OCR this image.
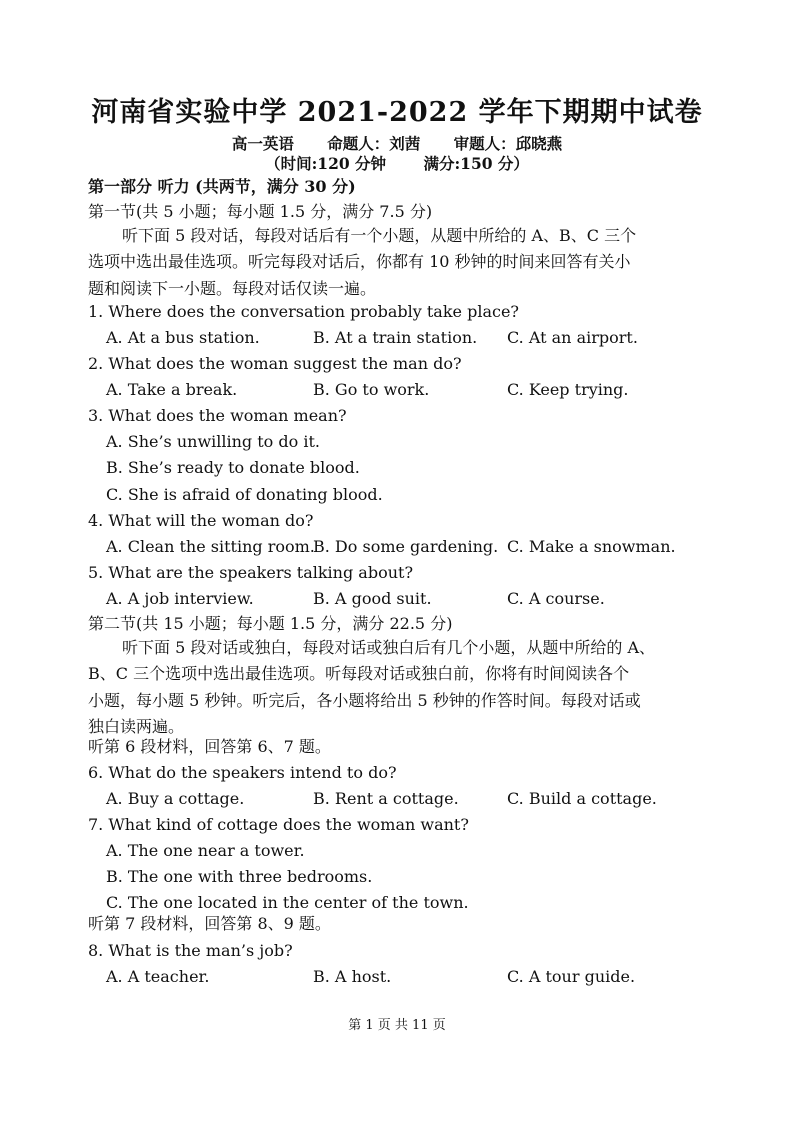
河南省实验中学 2021-2022 学年下期期中试卷
高一英语 命题人：刘茜 审题人：邱晓燕
（时间:120 分钟 满分:150 分）
第一部分 听力 (共两节，满分 30 分)
第一节(共 5 小题；每小题 1.5 分，满分 7.5 分)
听下面 5 段对话，每段对话后有一个小题，从题中所给的 A、B、C 三个
选项中选出最佳选项。听完每段对话后，你都有 10 秒钟的时间来回答有关小
题和阅读下一小题。每段对话仅读一遍。
1. Where does the conversation probably take place?
A. At a bus station.	B. At a train station. C. At an airport.
2. What does the woman suggest the man do?
A. Take a break.	B. Go to work.	C. Keep trying.
3. What does the woman mean?
A. She’s unwilling to do it.
B. She’s ready to donate blood.
C. She is afraid of donating blood.
4. What will the woman do?
A. Clean the sitting room.
B. Do some gardening. C. Make a snowman.
5. What are the speakers talking about?
A. A job interview.	B. A good suit.	C. A course.
第二节(共 15 小题；每小题 1.5 分，满分 22.5 分)
听下面 5 段对话或独白，每段对话或独白后有几个小题，从题中所给的 A、
B、C 三个选项中选出最佳选项。听每段对话或独白前，你将有时间阅读各个
小题，每小题 5 秒钟。听完后，各小题将给出 5 秒钟的作答时间。每段对话或
独白读两遍。
听第 6 段材料，回答第 6、7 题。
6. What do the speakers intend to do?
A. Buy a cottage.	B. Rent a cottage.	C. Build a cottage.
7. What kind of cottage does the woman want?
A. The one near a tower.
B. The one with three bedrooms.
C. The one located in the center of the town.
听第 7 段材料，回答第 8、9 题。
8. What is the man’s job?
A. A teacher.	B. A host.	C. A tour guide.
第 1 页 共 11 页
